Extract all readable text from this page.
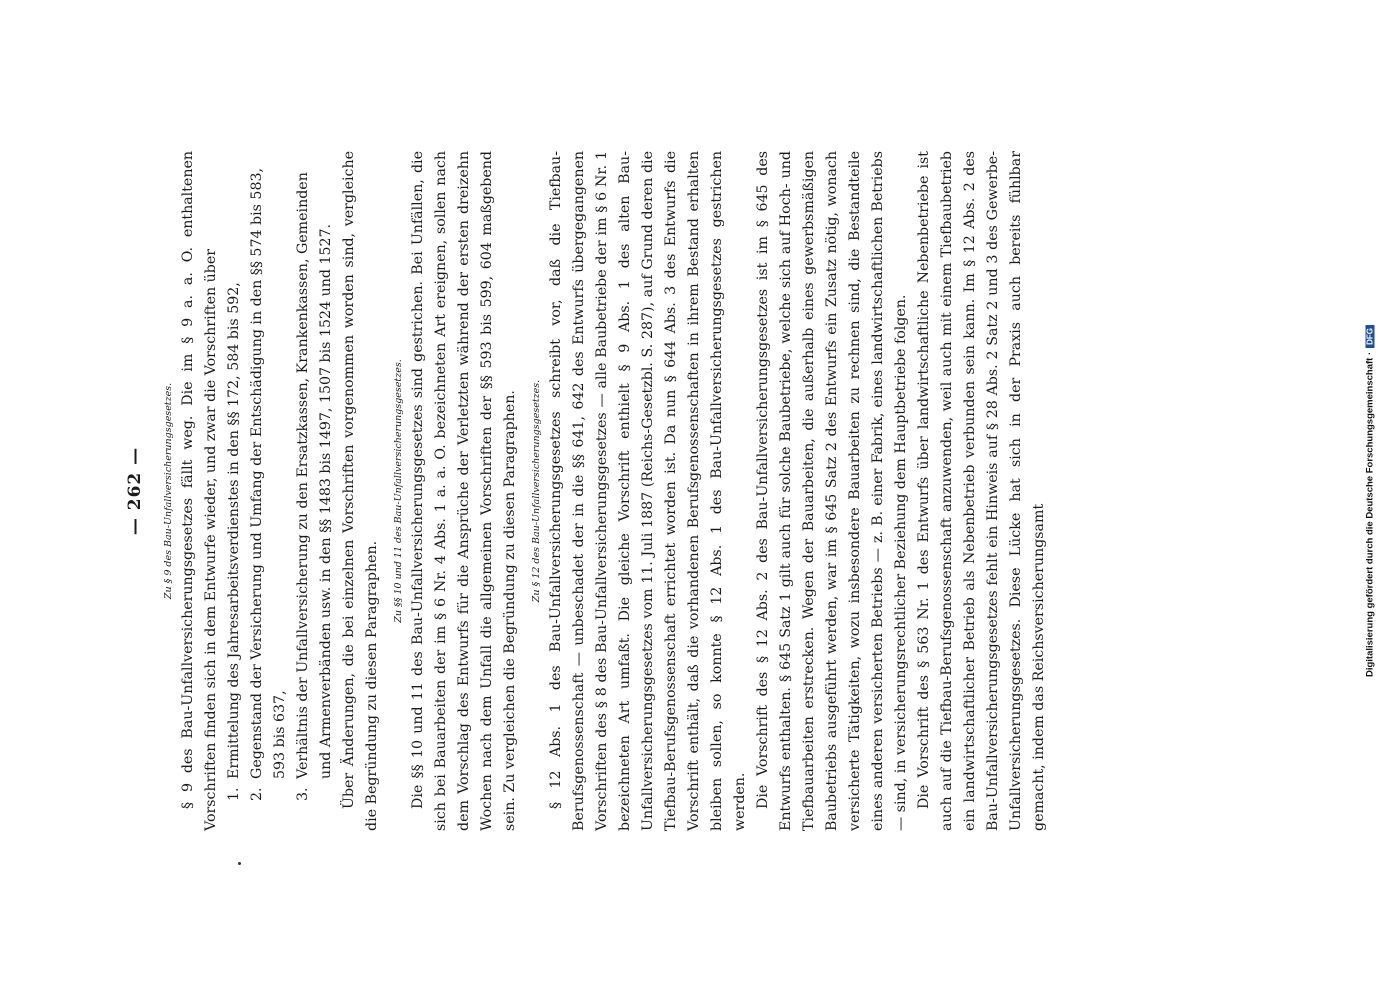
— 262 — Zu § 9 des Bau-Unfallversicherungsgesetzes. § 9 des Bau-Unfallversicherungsgesetzes fällt weg. Die im § 9 a. a. O. enthaltenen Vorschriften finden sich in dem Entwurfe wieder, und zwar die Vorschriften über 1. Ermittelung des Jahresarbeitsverdienstes in den §§ 172, 584 bis 592, 2. Gegenstand der Versicherung und Umfang der Entschädigung in den §§ 574 bis 583, 593 bis 637, 3. Verhältnis der Unfallversicherung zu den Ersatzkassen, Krankenkassen, Gemeinden und Armenverbänden usw. in den §§ 1483 bis 1497, 1507 bis 1524 und 1527. Über Änderungen, die bei einzelnen Vorschriften vorgenommen worden sind, vergleiche die Begründung zu diesen Paragraphen.

Zu §§ 10 und 11 des Bau-Unfallversicherungsgesetzes. Die §§ 10 und 11 des Bau-Unfallversicherungsgesetzes sind gestrichen. Bei Unfällen, die sich bei Bauarbeiten der im § 6 Nr. 4 Abs. 1 a. a. O. bezeichneten Art ereignen, sollen nach dem Vorschlag des Entwurfs für die Ansprüche der Verletzten während der ersten dreizehn Wochen nach dem Unfall die allgemeinen Vorschriften der §§ 593 bis 599, 604 maßgebend sein. Zu vergleichen die Begründung zu diesen Paragraphen.	Zu § 12 des Bau-Unfallversicherungsgesetzes. § 12 Abs. 1 des Bau-Unfallversicherungsgesetzes schreibt vor, daß die Tiefbau-Berufsgenossenschaft — unbeschadet der in die §§ 641, 642 des Entwurfs übergegangenen Vorschriften des § 8 des Bau-Unfallversicherungsgesetzes — alle Baubetriebe der im § 6 Nr. 1 bezeichneten Art umfaßt. Die gleiche Vorschrift enthielt § 9 Abs. 1 des alten Bau-Unfallversicherungsgesetzes vom 11. Juli 1887 (Reichs-Gesetzbl. S. 287), auf Grund deren die Tiefbau-Berufsgenossenschaft errichtet worden ist. Da nun § 644 Abs. 3 des Entwurfs die Vorschrift enthält, daß die vorhandenen Berufsgenossenschaften in ihrem Bestand erhalten bleiben sollen, so konnte § 12 Abs. 1 des Bau-Unfallversicherungsgesetzes gestrichen werden. Die Vorschrift des § 12 Abs. 2 des Bau-Unfallversicherungsgesetzes ist im § 645 des Entwurfs enthalten. § 645 Satz 1 gilt auch für solche Baubetriebe, welche sich auf Hoch- und Tiefbauarbeiten erstrecken. Wegen der Bauarbeiten, die außerhalb eines gewerbsmäßigen Baubetriebs ausgeführt werden, war im § 645 Satz 2 des Entwurfs ein Zusatz nötig, wonach versicherte Tätigkeiten, wozu insbesondere Bauarbeiten zu rechnen sind, die Bestandteile eines anderen versicherten Betriebs — z. B. einer Fabrik, eines landwirtschaftlichen Betriebs — sind, in versicherungsrechtlicher Beziehung dem Hauptbetriebe folgen. Die Vorschrift des § 563 Nr. 1 des Entwurfs über landwirtschaftliche Nebenbetriebe ist auch auf die Tiefbau-Berufsgenossenschaft anzuwenden, weil auch mit einem Tiefbaubetrieb ein landwirtschaftlicher Betrieb als Nebenbetrieb verbunden sein kann. Im § 12 Abs. 2 des Bau-Unfallversicherungsgesetzes fehlt ein Hinweis auf § 28 Abs. 2 Satz 2 und 3 des Gewerbe-Unfallversicherungsgesetzes. Diese Lücke hat sich in der Praxis auch bereits fühlbar gemacht, indem das Reichsversicherungsamt	Digitalisierung gefördert durch die Deutsche Forschungsgemeinschaft ·DFG
